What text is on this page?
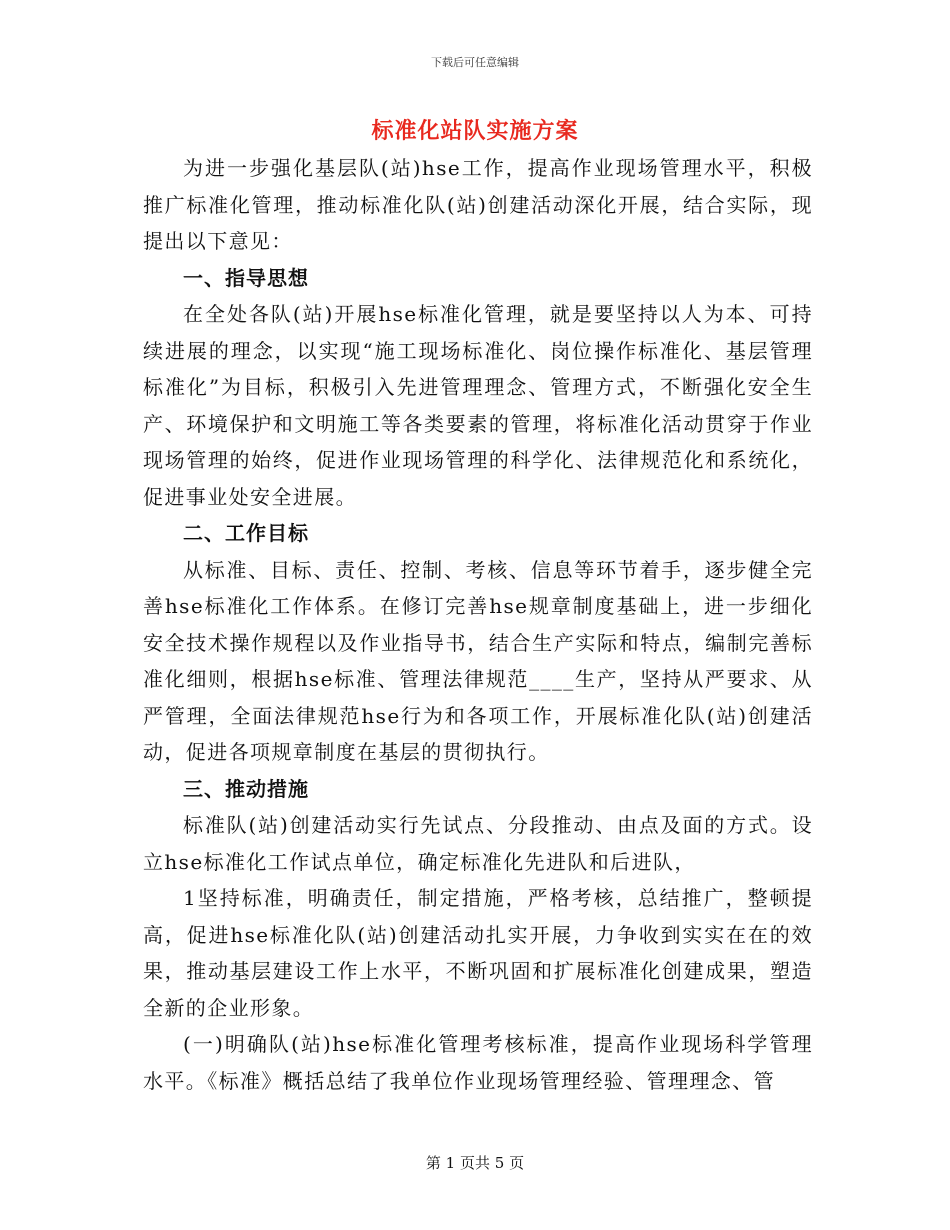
下载后可任意编辑
标准化站队实施方案

为进一步强化基层队(站)hse工作，提高作业现场管理水平，积极推广标准化管理，推动标准化队(站)创建活动深化开展，结合实际，现提出以下意见：

一、指导思想

在全处各队(站)开展hse标准化管理，就是要坚持以人为本、可持续进展的理念，以实现“施工现场标准化、岗位操作标准化、基层管理标准化”为目标，积极引入先进管理理念、管理方式，不断强化安全生产、环境保护和文明施工等各类要素的管理，将标准化活动贯穿于作业现场管理的始终，促进作业现场管理的科学化、法律规范化和系统化，促进事业处安全进展。

二、工作目标

从标准、目标、责任、控制、考核、信息等环节着手，逐步健全完善hse标准化工作体系。在修订完善hse规章制度基础上，进一步细化安全技术操作规程以及作业指导书，结合生产实际和特点，编制完善标准化细则，根据hse标准、管理法律规范____生产，坚持从严要求、从严管理，全面法律规范hse行为和各项工作，开展标准化队(站)创建活动，促进各项规章制度在基层的贯彻执行。

三、推动措施

标准队(站)创建活动实行先试点、分段推动、由点及面的方式。设立hse标准化工作试点单位，确定标准化先进队和后进队，

1坚持标准，明确责任，制定措施，严格考核，总结推广，整顿提高，促进hse标准化队(站)创建活动扎实开展，力争收到实实在在的效果，推动基层建设工作上水平，不断巩固和扩展标准化创建成果，塑造全新的企业形象。

(一)明确队(站)hse标准化管理考核标准，提高作业现场科学管理水平。《标准》概括总结了我单位作业现场管理经验、管理理念、管

第 1 页共 5 页
